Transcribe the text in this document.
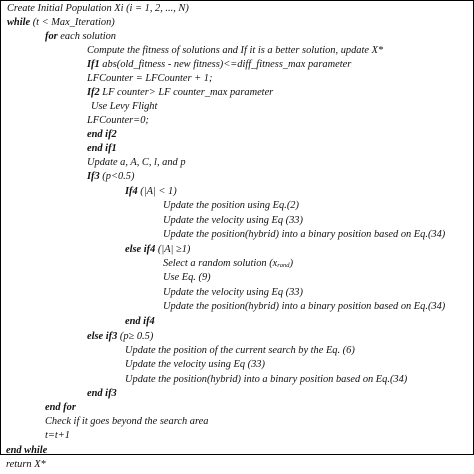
Create Initial Population Xi (i = 1, 2, ..., N)
while (t < Max_Iteration)
for each solution
Compute the fitness of solutions and If it is a better solution, update X*
If1 abs(old_fitness - new fitness)<=diff_fitness_max parameter
LFCounter = LFCounter + 1;
If2 LF counter> LF counter_max parameter
Use Levy Flight
LFCounter=0;
end if2
end if1
Update a, A, C, l, and p
If3 (p<0.5)
If4 (|A| < 1)
Update the position using Eq.(2)
Update the velocity using Eq (33)
Update the position(hybrid) into a binary position based on Eq.(34)
else if4 (|A| ≥1)
Select a random solution $(x_{rand})$
Use Eq. (9)
Update the velocity using Eq (33)
Update the position(hybrid) into a binary position based on Eq.(34)
end if4
else if3 (p≥ 0.5)
Update the position of the current search by the Eq. (6)
Update the velocity using Eq (33)
Update the position(hybrid) into a binary position based on Eq.(34)
end if3
end for
Check if it goes beyond the search area
t=t+1
end while
return X*
